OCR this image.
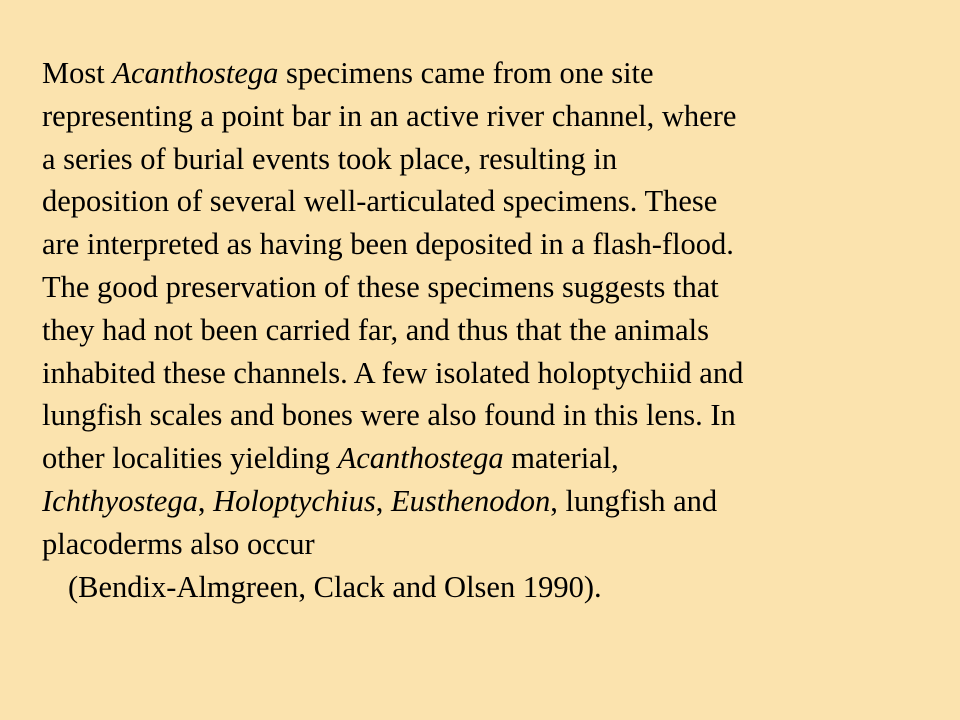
Most Acanthostega specimens came from one site
representing a point bar in an active river channel, where
a series of burial events took place, resulting in
deposition of several well-articulated specimens. These
are interpreted as having been deposited in a flash-flood.
The good preservation of these specimens suggests that
they had not been carried far, and thus that the animals
inhabited these channels. A few isolated holoptychiid and
lungfish scales and bones were also found in this lens. In
other localities yielding Acanthostega material,
Ichthyostega, Holoptychius, Eusthenodon, lungfish and
placoderms also occur
(Bendix-Almgreen, Clack and Olsen 1990).
